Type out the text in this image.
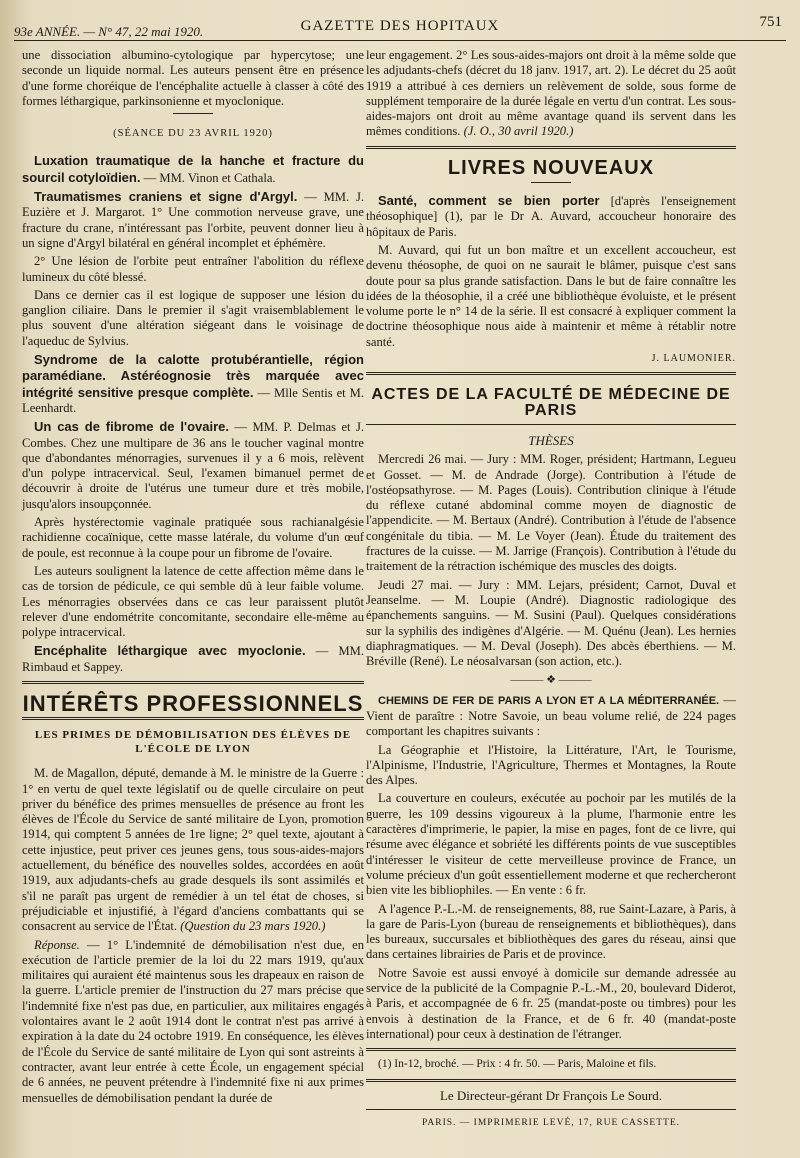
93e ANNÉE. — N° 47, 22 mai 1920.	GAZETTE DES HOPITAUX	751

une dissociation albumino-cytologique par hypercytose; une seconde un liquide normal. Les auteurs pensent être en présence d'une forme choréique de l'encéphalite actuelle à classer à côté des formes léthargique, parkinsonienne et myoclonique.

(SÉANCE DU 23 AVRIL 1920)

Luxation traumatique de la hanche et fracture du sourcil cotyloïdien. — MM. Vinon et Cathala.

Traumatismes craniens et signe d'Argyl. — MM. J. Euzière et J. Margarot. 1° Une commotion nerveuse grave, une fracture du crane, n'intéressant pas l'orbite, peuvent donner lieu à un signe d'Argyl bilatéral en général incomplet et éphémère.

2° Une lésion de l'orbite peut entraîner l'abolition du réflexe lumineux du côté blessé.

Dans ce dernier cas il est logique de supposer une lésion du ganglion ciliaire. Dans le premier il s'agit vraisemblablement le plus souvent d'une altération siégeant dans le voisinage de l'aqueduc de Sylvius.

Syndrome de la calotte protubérantielle, région paramédiane. Astéréognosie très marquée avec intégrité sensitive presque complète. — Mlle Sentis et M. Leenhardt.

Un cas de fibrome de l'ovaire. — MM. P. Delmas et J. Combes. Chez une multipare de 36 ans le toucher vaginal montre que d'abondantes ménorragies, survenues il y a 6 mois, relèvent d'un polype intracervical. Seul, l'examen bimanuel permet de découvrir à droite de l'utérus une tumeur dure et très mobile, jusqu'alors insoupçonnée.

Après hystérectomie vaginale pratiquée sous rachianalgésie rachidienne cocaïnique, cette masse latérale, du volume d'un œuf de poule, est reconnue à la coupe pour un fibrome de l'ovaire.

Les auteurs soulignent la latence de cette affection même dans le cas de torsion de pédicule, ce qui semble dû à leur faible volume. Les ménorragies observées dans ce cas leur paraissent plutôt relever d'une endométrite concomitante, secondaire elle-même au polype intracervical.

Encéphalite léthargique avec myoclonie. — MM. Rimbaud et Sappey.

INTÉRÊTS PROFESSIONNELS
LES PRIMES DE DÉMOBILISATION DES ÉLÈVES DE L'ÉCOLE DE LYON

M. de Magallon, député, demande à M. le ministre de la Guerre : 1° en vertu de quel texte législatif ou de quelle circulaire on peut priver du bénéfice des primes mensuelles de présence au front les élèves de l'École du Service de santé militaire de Lyon, promotion 1914, qui comptent 5 années de 1re ligne; 2° quel texte, ajoutant à cette injustice, peut priver ces jeunes gens, tous sous-aides-majors actuellement, du bénéfice des nouvelles soldes, accordées en août 1919, aux adjudants-chefs au grade desquels ils sont assimilés et s'il ne paraît pas urgent de remédier à un tel état de choses, si préjudiciable et injustifié, à l'égard d'anciens combattants qui se consacrent au service de l'État. (Question du 23 mars 1920.)

Réponse. — 1° L'indemnité de démobilisation n'est due, en exécution de l'article premier de la loi du 22 mars 1919, qu'aux militaires qui auraient été maintenus sous les drapeaux en raison de la guerre. L'article premier de l'instruction du 27 mars précise que l'indemnité fixe n'est pas due, en particulier, aux militaires engagés volontaires avant le 2 août 1914 dont le contrat n'est pas arrivé à expiration à la date du 24 octobre 1919. En conséquence, les élèves de l'École du Service de santé militaire de Lyon qui sont astreints à contracter, avant leur entrée à cette École, un engagement spécial de 6 années, ne peuvent prétendre à l'indemnité fixe ni aux primes mensuelles de démobilisation pendant la durée de

leur engagement. 2° Les sous-aides-majors ont droit à la même solde que les adjudants-chefs (décret du 18 janv. 1917, art. 2). Le décret du 25 août 1919 a attribué à ces derniers un relèvement de solde, sous forme de supplément temporaire de la durée légale en vertu d'un contrat. Les sous-aides-majors ont droit au même avantage quand ils servent dans les mêmes conditions. (J. O., 30 avril 1920.)

LIVRES NOUVEAUX

Santé, comment se bien porter [d'après l'enseignement théosophique] (1), par le Dr A. Auvard, accoucheur honoraire des hôpitaux de Paris.

M. Auvard, qui fut un bon maître et un excellent accoucheur, est devenu théosophe, de quoi on ne saurait le blâmer, puisque c'est sans doute pour sa plus grande satisfaction. Dans le but de faire connaître les idées de la théosophie, il a créé une bibliothèque évoluiste, et le présent volume porte le n° 14 de la série. Il est consacré à expliquer comment la doctrine théosophique nous aide à maintenir et même à rétablir notre santé.

J. LAUMONIER.
ACTES DE LA FACULTÉ DE MÉDECINE DE PARIS
THÈSES

Mercredi 26 mai. — Jury : MM. Roger, président; Hartmann, Legueu et Gosset. — M. de Andrade (Jorge). Contribution à l'étude de l'ostéopsathyrose. — M. Pages (Louis). Contribution clinique à l'étude du réflexe cutané abdominal comme moyen de diagnostic de l'appendicite. — M. Bertaux (André). Contribution à l'étude de l'absence congénitale du tibia. — M. Le Voyer (Jean). Étude du traitement des fractures de la cuisse. — M. Jarrige (François). Contribution à l'étude du traitement de la rétraction ischémique des muscles des doigts.

Jeudi 27 mai. — Jury : MM. Lejars, président; Carnot, Duval et Jeanselme. — M. Loupie (André). Diagnostic radiologique des épanchements sanguins. — M. Susini (Paul). Quelques considérations sur la syphilis des indigènes d'Algérie. — M. Quénu (Jean). Les hernies diaphragmatiques. — M. Deval (Joseph). Des abcès éberthiens. — M. Bréville (René). Le néosalvarsan (son action, etc.).

——— ❖ ———

CHEMINS DE FER DE PARIS A LYON ET A LA MÉDITERRANÉE. — Vient de paraître : Notre Savoie, un beau volume relié, de 224 pages comportant les chapitres suivants :

La Géographie et l'Histoire, la Littérature, l'Art, le Tourisme, l'Alpinisme, l'Industrie, l'Agriculture, Thermes et Montagnes, la Route des Alpes.

La couverture en couleurs, exécutée au pochoir par les mutilés de la guerre, les 109 dessins vigoureux à la plume, l'harmonie entre les caractères d'imprimerie, le papier, la mise en pages, font de ce livre, qui résume avec élégance et sobriété les différents points de vue susceptibles d'intéresser le visiteur de cette merveilleuse province de France, un volume précieux d'un goût essentiellement moderne et que rechercheront bien vite les bibliophiles. — En vente : 6 fr.

A l'agence P.-L.-M. de renseignements, 88, rue Saint-Lazare, à Paris, à la gare de Paris-Lyon (bureau de renseignements et bibliothèques), dans les bureaux, succursales et bibliothèques des gares du réseau, ainsi que dans certaines librairies de Paris et de province.

Notre Savoie est aussi envoyé à domicile sur demande adressée au service de la publicité de la Compagnie P.-L.-M., 20, boulevard Diderot, à Paris, et accompagnée de 6 fr. 25 (mandat-poste ou timbres) pour les envois à destination de la France, et de 6 fr. 40 (mandat-poste international) pour ceux à destination de l'étranger.

(1) In-12, broché. — Prix : 4 fr. 50. — Paris, Maloine et fils.

Le Directeur-gérant Dr François Le Sourd.
PARIS. — IMPRIMERIE LEVÉ, 17, RUE CASSETTE.
